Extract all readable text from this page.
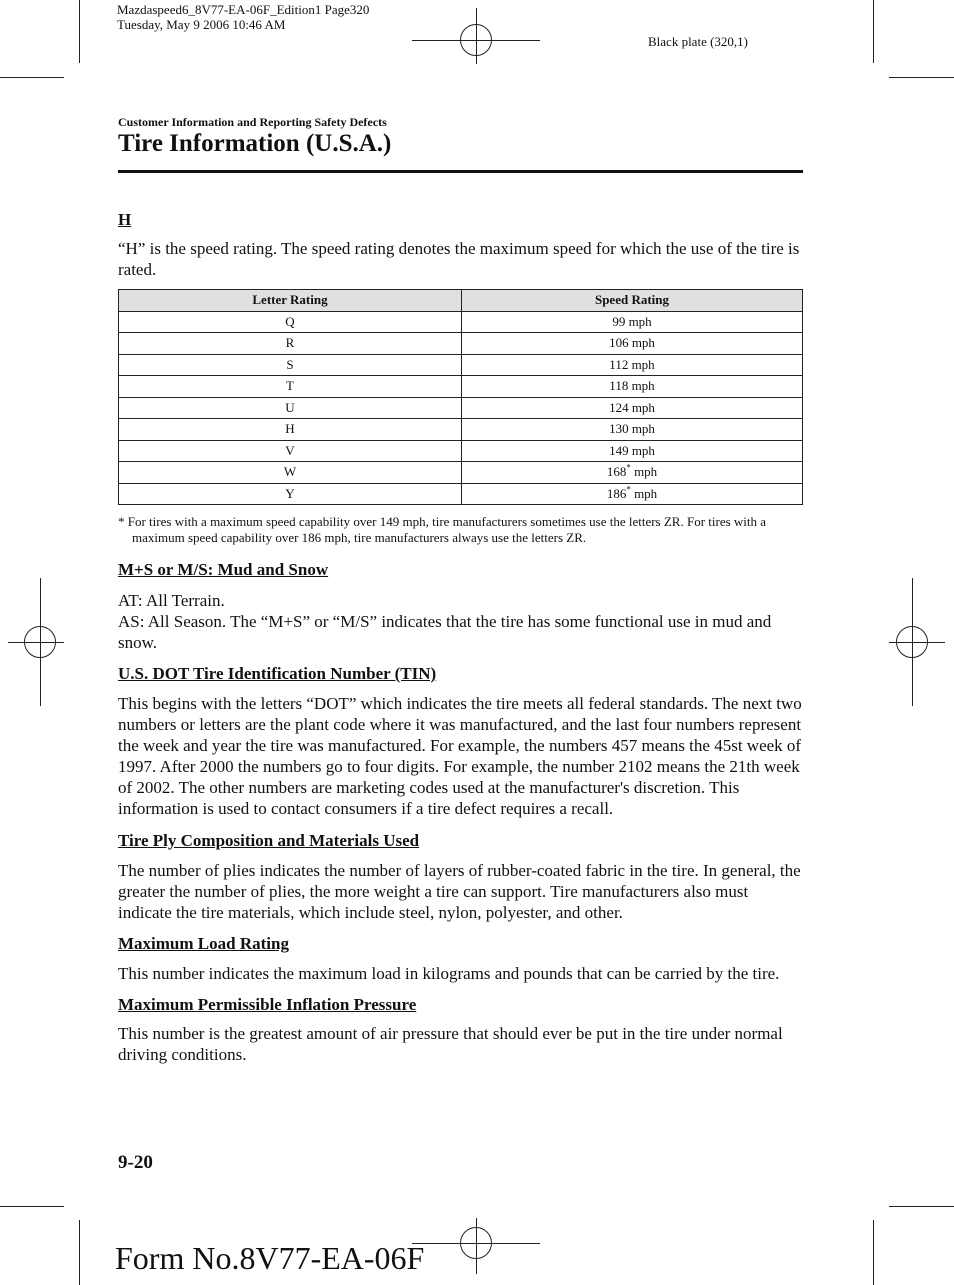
Mazdaspeed6_8V77-EA-06F_Edition1 Page320
Tuesday, May 9 2006 10:46 AM
Black plate (320,1)
Customer Information and Reporting Safety Defects
Tire Information (U.S.A.)

H

“H” is the speed rating. The speed rating denotes the maximum speed for which the use of the tire is rated.

Letter Rating	Speed Rating
Q	99 mph
R	106 mph
S	112 mph
T	118 mph
U	124 mph
H	130 mph
V	149 mph
W	168* mph
Y	186* mph

* For tires with a maximum speed capability over 149 mph, tire manufacturers sometimes use the letters ZR. For tires with a maximum speed capability over 186 mph, tire manufacturers always use the letters ZR.

M+S or M/S: Mud and Snow

AT: All Terrain.

AS: All Season. The “M+S” or “M/S” indicates that the tire has some functional use in mud and snow.

U.S. DOT Tire Identification Number (TIN)

This begins with the letters “DOT” which indicates the tire meets all federal standards. The next two numbers or letters are the plant code where it was manufactured, and the last four numbers represent the week and year the tire was manufactured. For example, the numbers 457 means the 45st week of 1997. After 2000 the numbers go to four digits. For example, the number 2102 means the 21th week of 2002. The other numbers are marketing codes used at the manufacturer's discretion. This information is used to contact consumers if a tire defect requires a recall.

Tire Ply Composition and Materials Used

The number of plies indicates the number of layers of rubber-coated fabric in the tire. In general, the greater the number of plies, the more weight a tire can support. Tire manufacturers also must indicate the tire materials, which include steel, nylon, polyester, and other.

Maximum Load Rating

This number indicates the maximum load in kilograms and pounds that can be carried by the tire.

Maximum Permissible Inflation Pressure

This number is the greatest amount of air pressure that should ever be put in the tire under normal driving conditions.

9-20
Form No.8V77-EA-06F
